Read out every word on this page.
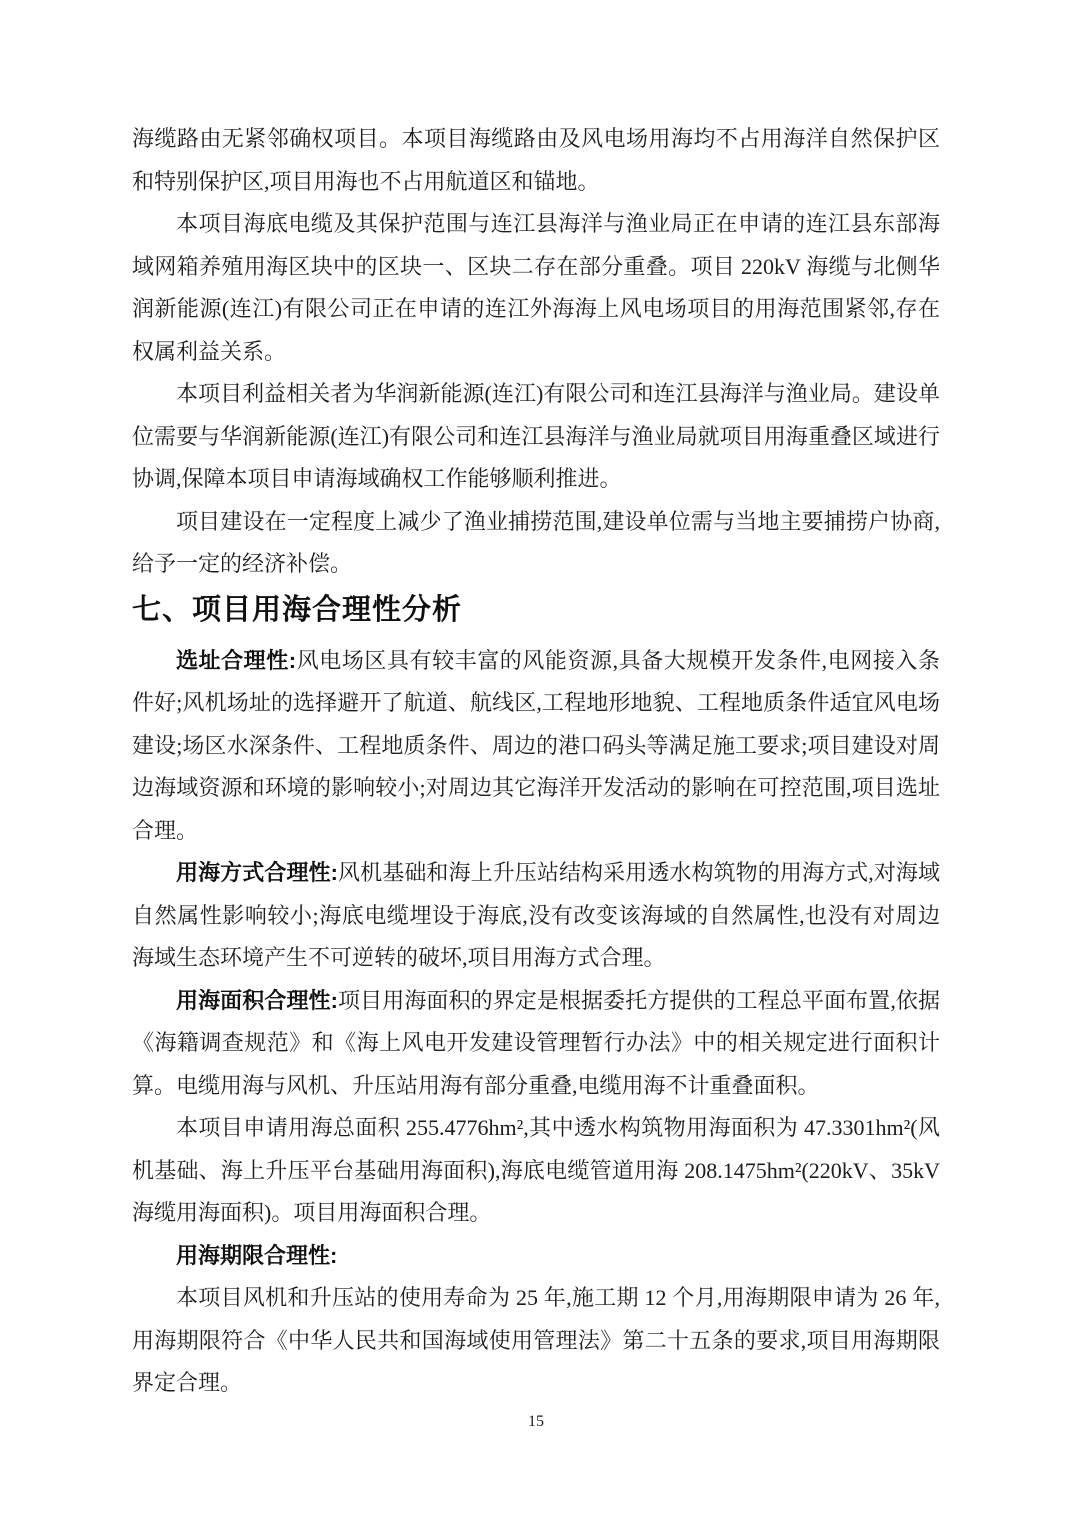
海缆路由无紧邻确权项目。本项目海缆路由及风电场用海均不占用海洋自然保护区和特别保护区,项目用海也不占用航道区和锚地。

本项目海底电缆及其保护范围与连江县海洋与渔业局正在申请的连江县东部海域网箱养殖用海区块中的区块一、区块二存在部分重叠。项目 220kV 海缆与北侧华润新能源(连江)有限公司正在申请的连江外海海上风电场项目的用海范围紧邻,存在权属利益关系。

本项目利益相关者为华润新能源(连江)有限公司和连江县海洋与渔业局。建设单位需要与华润新能源(连江)有限公司和连江县海洋与渔业局就项目用海重叠区域进行协调,保障本项目申请海域确权工作能够顺利推进。

项目建设在一定程度上减少了渔业捕捞范围,建设单位需与当地主要捕捞户协商,给予一定的经济补偿。

七、项目用海合理性分析

选址合理性:风电场区具有较丰富的风能资源,具备大规模开发条件,电网接入条件好;风机场址的选择避开了航道、航线区,工程地形地貌、工程地质条件适宜风电场建设;场区水深条件、工程地质条件、周边的港口码头等满足施工要求;项目建设对周边海域资源和环境的影响较小;对周边其它海洋开发活动的影响在可控范围,项目选址合理。

用海方式合理性:风机基础和海上升压站结构采用透水构筑物的用海方式,对海域自然属性影响较小;海底电缆埋设于海底,没有改变该海域的自然属性,也没有对周边海域生态环境产生不可逆转的破坏,项目用海方式合理。

用海面积合理性:项目用海面积的界定是根据委托方提供的工程总平面布置,依据《海籍调查规范》和《海上风电开发建设管理暂行办法》中的相关规定进行面积计算。电缆用海与风机、升压站用海有部分重叠,电缆用海不计重叠面积。

本项目申请用海总面积 255.4776hm²,其中透水构筑物用海面积为 47.3301hm²(风机基础、海上升压平台基础用海面积),海底电缆管道用海 208.1475hm²(220kV、35kV海缆用海面积)。项目用海面积合理。

用海期限合理性:

本项目风机和升压站的使用寿命为 25 年,施工期 12 个月,用海期限申请为 26 年,用海期限符合《中华人民共和国海域使用管理法》第二十五条的要求,项目用海期限界定合理。

15
